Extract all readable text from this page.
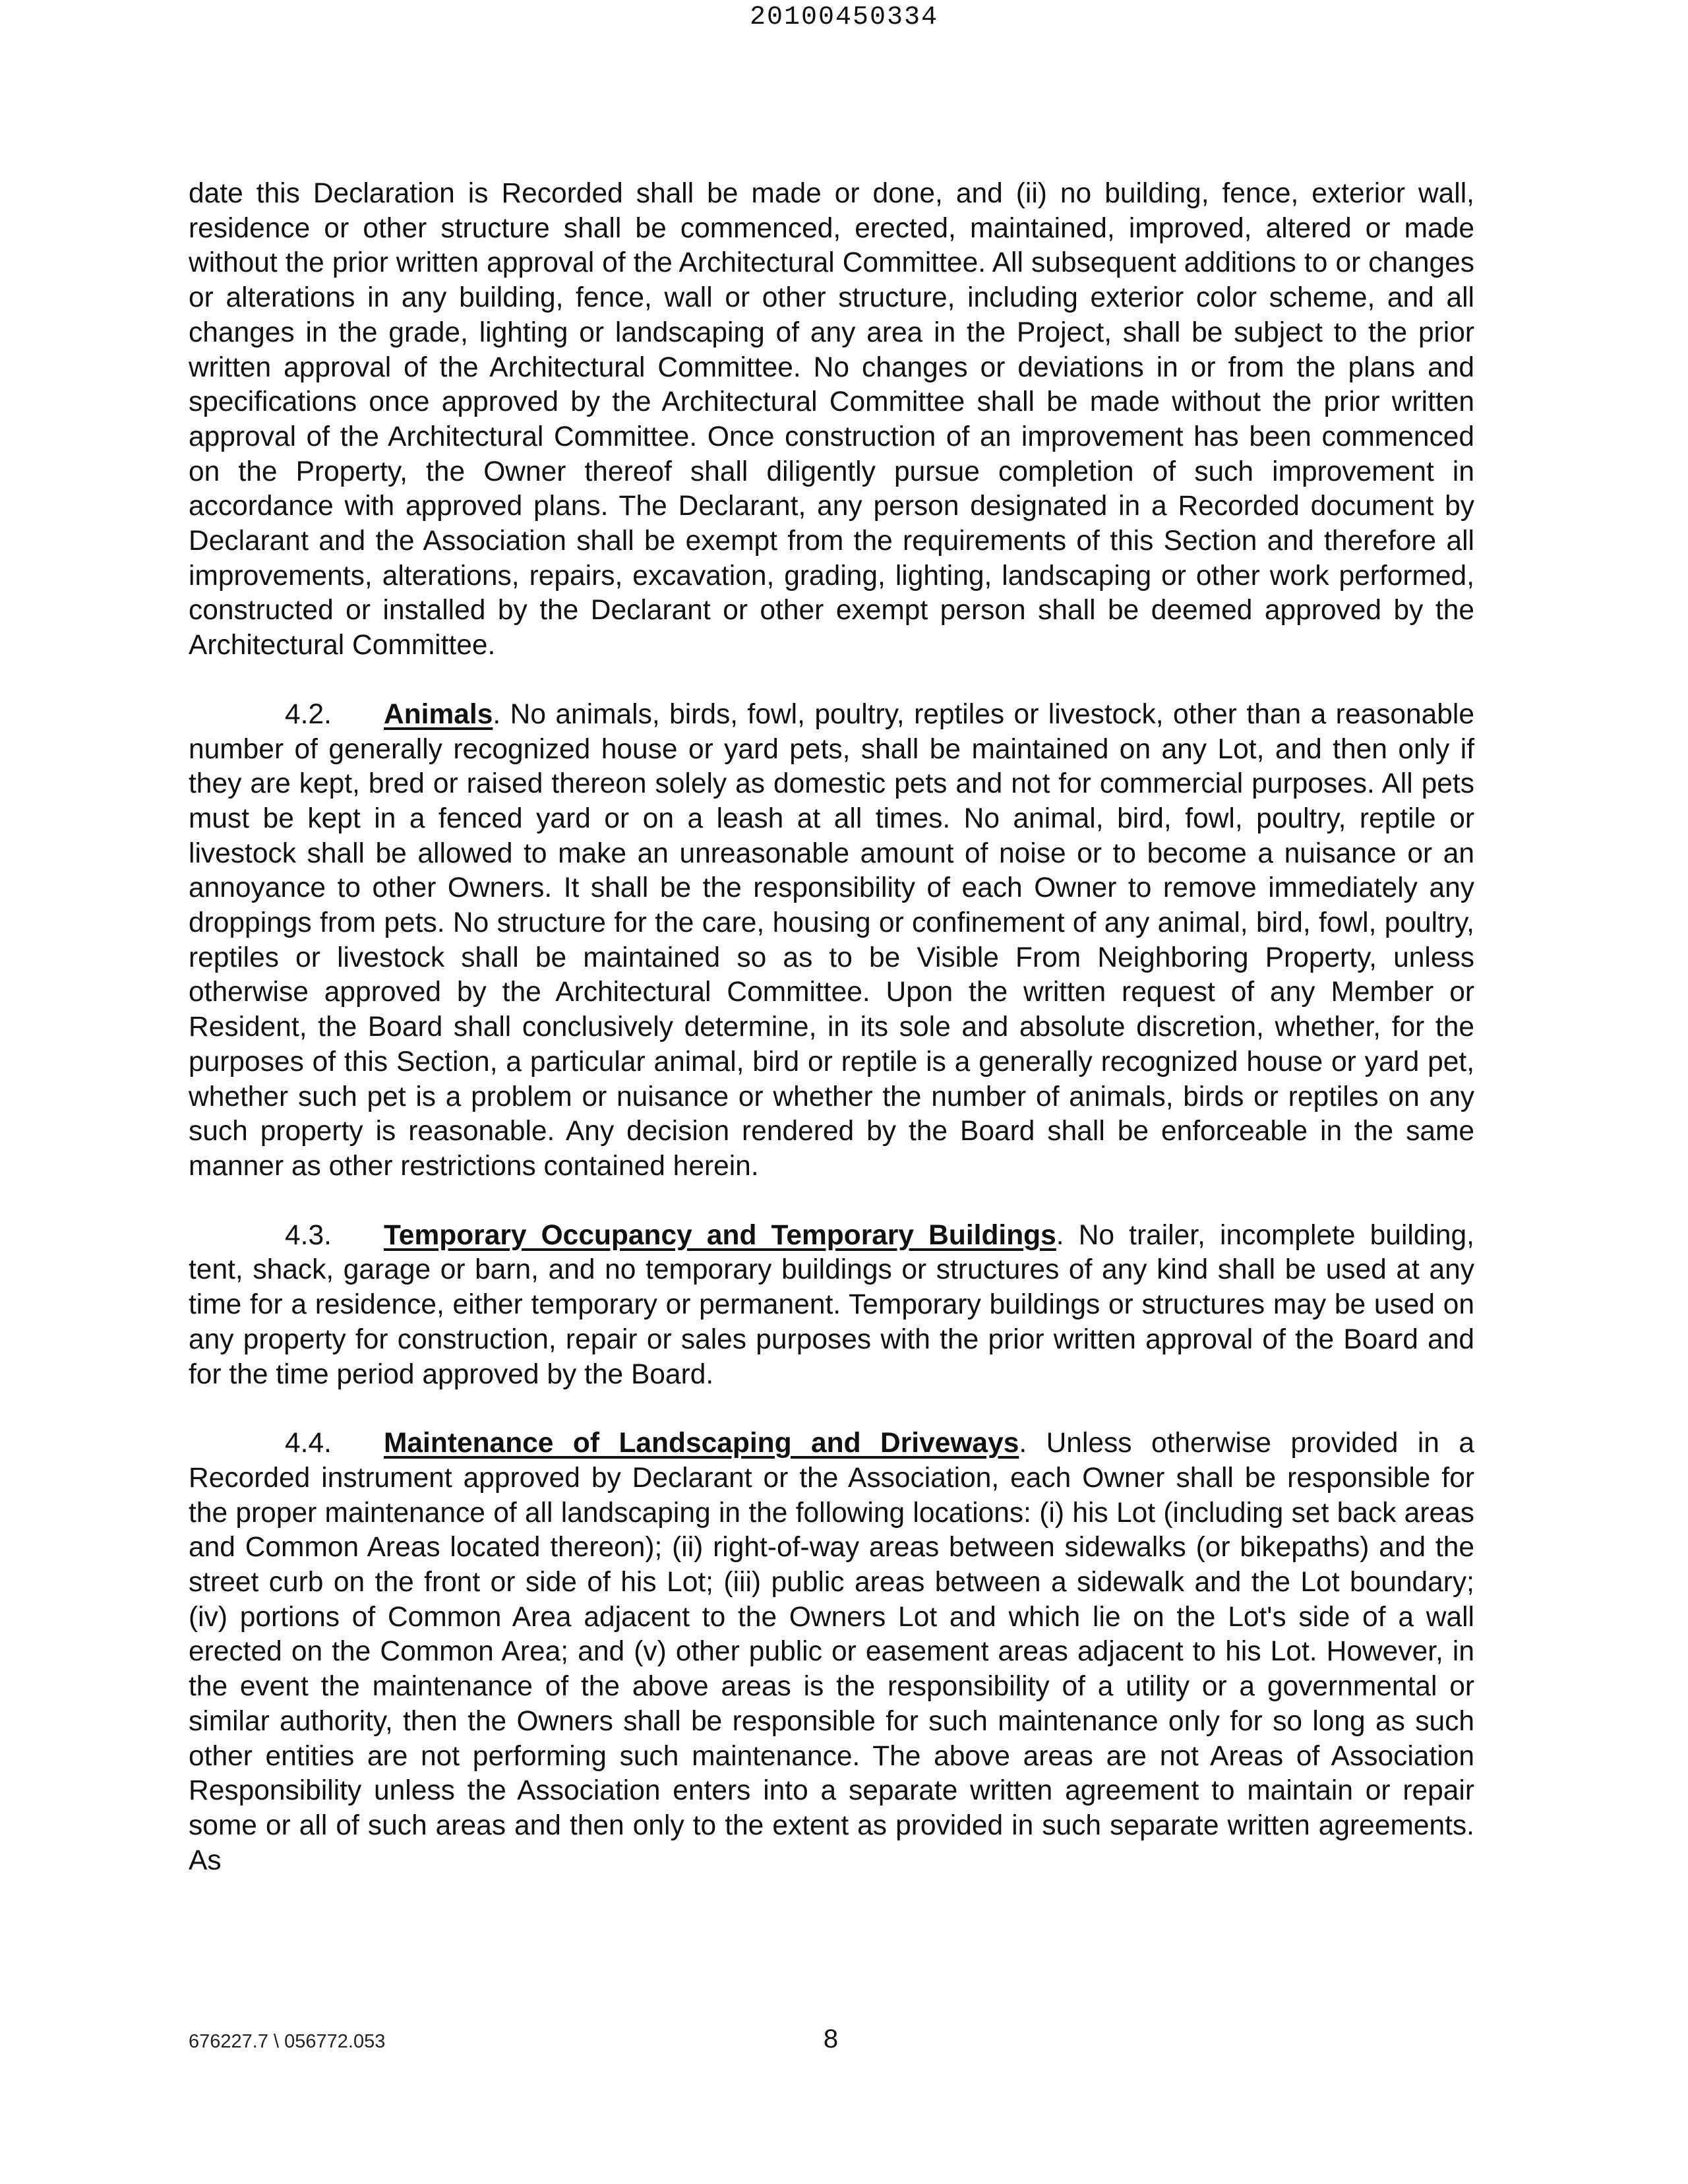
20100450334

date this Declaration is Recorded shall be made or done, and (ii) no building, fence, exterior wall, residence or other structure shall be commenced, erected, maintained, improved, altered or made without the prior written approval of the Architectural Committee. All subsequent additions to or changes or alterations in any building, fence, wall or other structure, including exterior color scheme, and all changes in the grade, lighting or landscaping of any area in the Project, shall be subject to the prior written approval of the Architectural Committee. No changes or deviations in or from the plans and specifications once approved by the Architectural Committee shall be made without the prior written approval of the Architectural Committee. Once construction of an improvement has been commenced on the Property, the Owner thereof shall diligently pursue completion of such improvement in accordance with approved plans. The Declarant, any person designated in a Recorded document by Declarant and the Association shall be exempt from the requirements of this Section and therefore all improvements, alterations, repairs, excavation, grading, lighting, landscaping or other work performed, constructed or installed by the Declarant or other exempt person shall be deemed approved by the Architectural Committee.

4.2. Animals. No animals, birds, fowl, poultry, reptiles or livestock, other than a reasonable number of generally recognized house or yard pets, shall be maintained on any Lot, and then only if they are kept, bred or raised thereon solely as domestic pets and not for commercial purposes. All pets must be kept in a fenced yard or on a leash at all times. No animal, bird, fowl, poultry, reptile or livestock shall be allowed to make an unreasonable amount of noise or to become a nuisance or an annoyance to other Owners. It shall be the responsibility of each Owner to remove immediately any droppings from pets. No structure for the care, housing or confinement of any animal, bird, fowl, poultry, reptiles or livestock shall be maintained so as to be Visible From Neighboring Property, unless otherwise approved by the Architectural Committee. Upon the written request of any Member or Resident, the Board shall conclusively determine, in its sole and absolute discretion, whether, for the purposes of this Section, a particular animal, bird or reptile is a generally recognized house or yard pet, whether such pet is a problem or nuisance or whether the number of animals, birds or reptiles on any such property is reasonable. Any decision rendered by the Board shall be enforceable in the same manner as other restrictions contained herein.

4.3. Temporary Occupancy and Temporary Buildings. No trailer, incomplete building, tent, shack, garage or barn, and no temporary buildings or structures of any kind shall be used at any time for a residence, either temporary or permanent. Temporary buildings or structures may be used on any property for construction, repair or sales purposes with the prior written approval of the Board and for the time period approved by the Board.

4.4. Maintenance of Landscaping and Driveways. Unless otherwise provided in a Recorded instrument approved by Declarant or the Association, each Owner shall be responsible for the proper maintenance of all landscaping in the following locations: (i) his Lot (including set back areas and Common Areas located thereon); (ii) right-of-way areas between sidewalks (or bikepaths) and the street curb on the front or side of his Lot; (iii) public areas between a sidewalk and the Lot boundary; (iv) portions of Common Area adjacent to the Owners Lot and which lie on the Lot's side of a wall erected on the Common Area; and (v) other public or easement areas adjacent to his Lot. However, in the event the maintenance of the above areas is the responsibility of a utility or a governmental or similar authority, then the Owners shall be responsible for such maintenance only for so long as such other entities are not performing such maintenance. The above areas are not Areas of Association Responsibility unless the Association enters into a separate written agreement to maintain or repair some or all of such areas and then only to the extent as provided in such separate written agreements. As

676227.7 \ 056772.053	8
